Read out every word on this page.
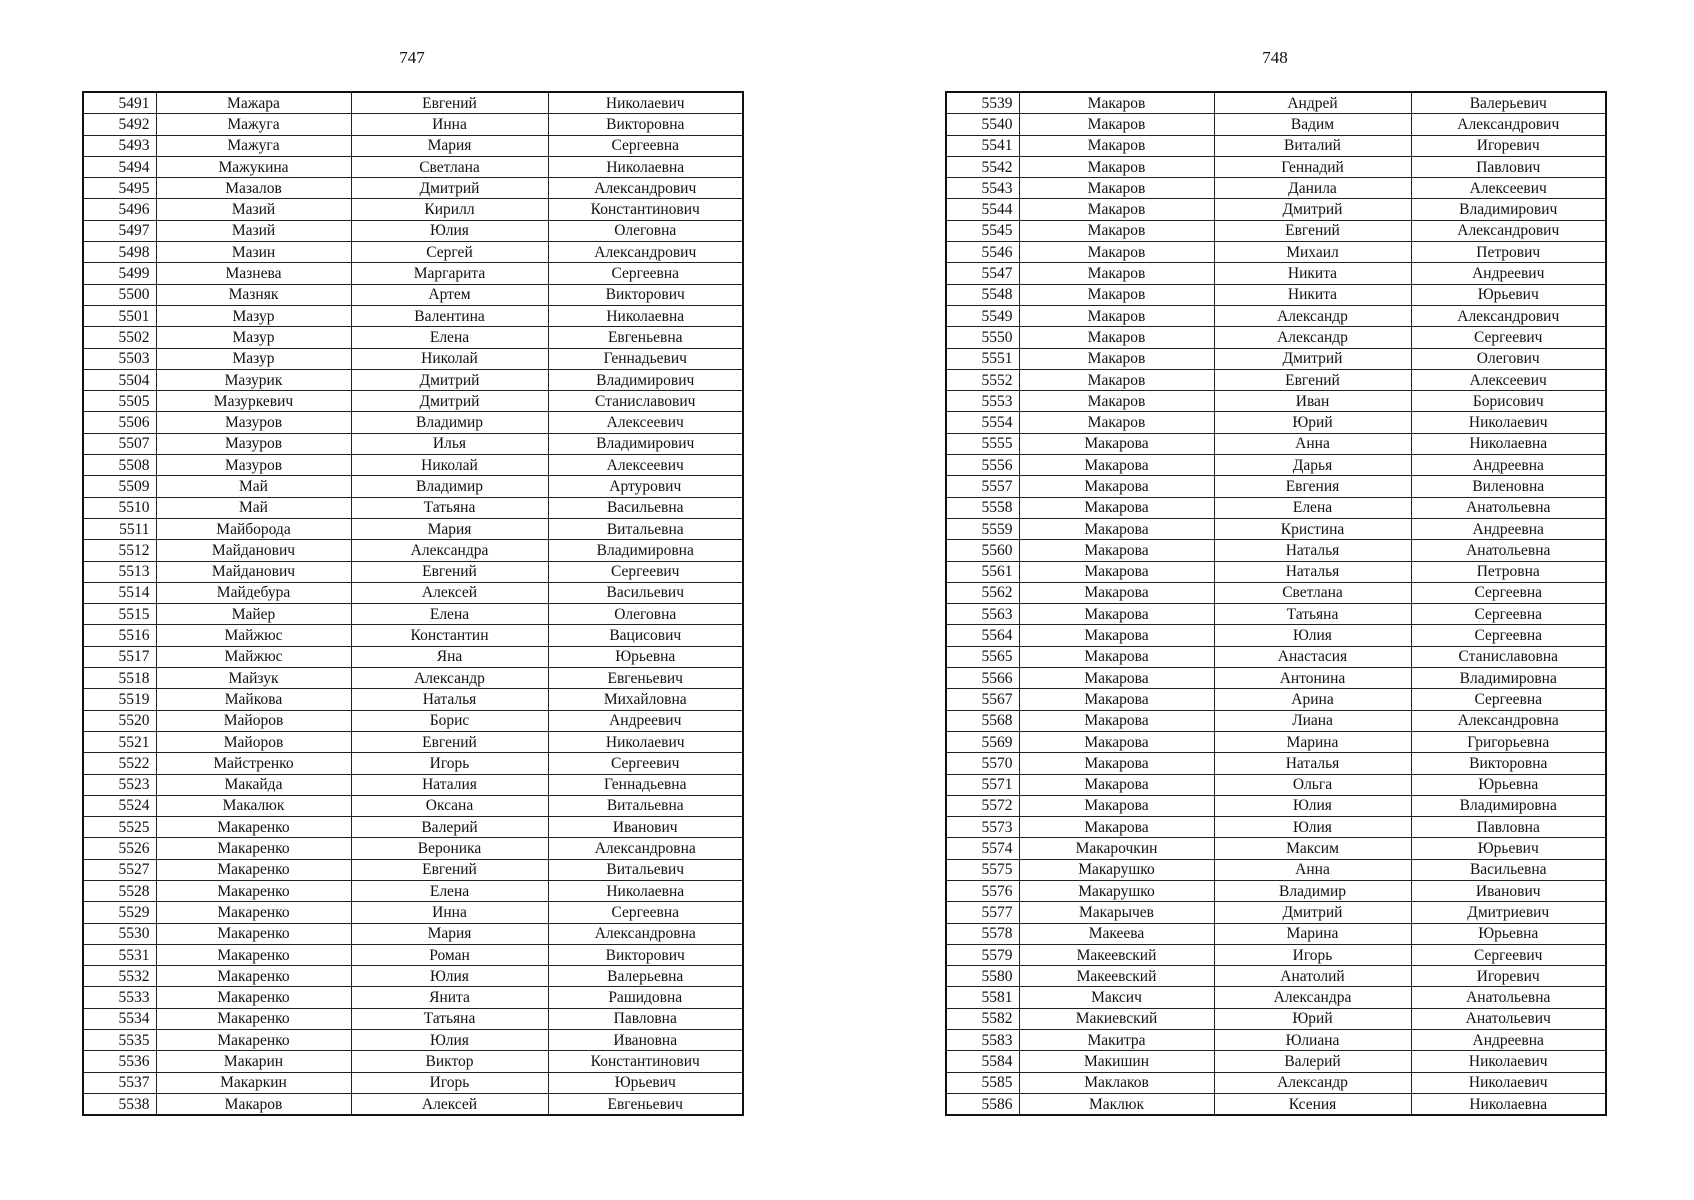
747
5491	Мажара	Евгений	Николаевич
5492	Мажуга	Инна	Викторовна
5493	Мажуга	Мария	Сергеевна
5494	Мажукина	Светлана	Николаевна
5495	Мазалов	Дмитрий	Александрович
5496	Мазий	Кирилл	Константинович
5497	Мазий	Юлия	Олеговна
5498	Мазин	Сергей	Александрович
5499	Мазнева	Маргарита	Сергеевна
5500	Мазняк	Артем	Викторович
5501	Мазур	Валентина	Николаевна
5502	Мазур	Елена	Евгеньевна
5503	Мазур	Николай	Геннадьевич
5504	Мазурик	Дмитрий	Владимирович
5505	Мазуркевич	Дмитрий	Станиславович
5506	Мазуров	Владимир	Алексеевич
5507	Мазуров	Илья	Владимирович
5508	Мазуров	Николай	Алексеевич
5509	Май	Владимир	Артурович
5510	Май	Татьяна	Васильевна
5511	Майборода	Мария	Витальевна
5512	Майданович	Александра	Владимировна
5513	Майданович	Евгений	Сергеевич
5514	Майдебура	Алексей	Васильевич
5515	Майер	Елена	Олеговна
5516	Майжюс	Константин	Вацисович
5517	Майжюс	Яна	Юрьевна
5518	Майзук	Александр	Евгеньевич
5519	Майкова	Наталья	Михайловна
5520	Майоров	Борис	Андреевич
5521	Майоров	Евгений	Николаевич
5522	Майстренко	Игорь	Сергеевич
5523	Макайда	Наталия	Геннадьевна
5524	Макалюк	Оксана	Витальевна
5525	Макаренко	Валерий	Иванович
5526	Макаренко	Вероника	Александровна
5527	Макаренко	Евгений	Витальевич
5528	Макаренко	Елена	Николаевна
5529	Макаренко	Инна	Сергеевна
5530	Макаренко	Мария	Александровна
5531	Макаренко	Роман	Викторович
5532	Макаренко	Юлия	Валерьевна
5533	Макаренко	Янита	Рашидовна
5534	Макаренко	Татьяна	Павловна
5535	Макаренко	Юлия	Ивановна
5536	Макарин	Виктор	Константинович
5537	Макаркин	Игорь	Юрьевич
5538	Макаров	Алексей	Евгеньевич
748
5539	Макаров	Андрей	Валерьевич
5540	Макаров	Вадим	Александрович
5541	Макаров	Виталий	Игоревич
5542	Макаров	Геннадий	Павлович
5543	Макаров	Данила	Алексеевич
5544	Макаров	Дмитрий	Владимирович
5545	Макаров	Евгений	Александрович
5546	Макаров	Михаил	Петрович
5547	Макаров	Никита	Андреевич
5548	Макаров	Никита	Юрьевич
5549	Макаров	Александр	Александрович
5550	Макаров	Александр	Сергеевич
5551	Макаров	Дмитрий	Олегович
5552	Макаров	Евгений	Алексеевич
5553	Макаров	Иван	Борисович
5554	Макаров	Юрий	Николаевич
5555	Макарова	Анна	Николаевна
5556	Макарова	Дарья	Андреевна
5557	Макарова	Евгения	Виленовна
5558	Макарова	Елена	Анатольевна
5559	Макарова	Кристина	Андреевна
5560	Макарова	Наталья	Анатольевна
5561	Макарова	Наталья	Петровна
5562	Макарова	Светлана	Сергеевна
5563	Макарова	Татьяна	Сергеевна
5564	Макарова	Юлия	Сергеевна
5565	Макарова	Анастасия	Станиславовна
5566	Макарова	Антонина	Владимировна
5567	Макарова	Арина	Сергеевна
5568	Макарова	Лиана	Александровна
5569	Макарова	Марина	Григорьевна
5570	Макарова	Наталья	Викторовна
5571	Макарова	Ольга	Юрьевна
5572	Макарова	Юлия	Владимировна
5573	Макарова	Юлия	Павловна
5574	Макарочкин	Максим	Юрьевич
5575	Макарушко	Анна	Васильевна
5576	Макарушко	Владимир	Иванович
5577	Макарычев	Дмитрий	Дмитриевич
5578	Макеева	Марина	Юрьевна
5579	Макеевский	Игорь	Сергеевич
5580	Макеевский	Анатолий	Игоревич
5581	Максич	Александра	Анатольевна
5582	Макиевский	Юрий	Анатольевич
5583	Макитра	Юлиана	Андреевна
5584	Макишин	Валерий	Николаевич
5585	Маклаков	Александр	Николаевич
5586	Маклюк	Ксения	Николаевна
